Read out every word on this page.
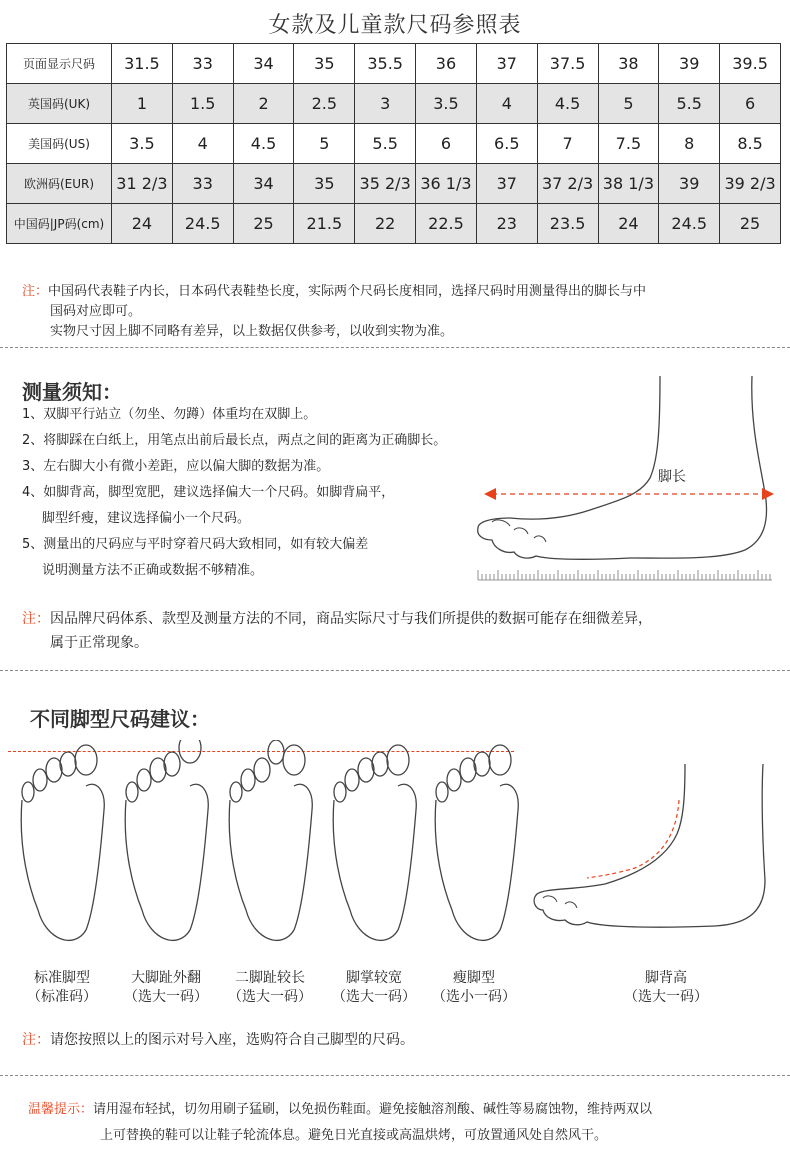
女款及儿童款尺码参照表
页面显示尺码	31.5	33	34	35	35.5	36	37	37.5	38	39	39.5
英国码(UK)	1	1.5	2	2.5	3	3.5	4	4.5	5	5.5	6
美国码(US)	3.5	4	4.5	5	5.5	6	6.5	7	7.5	8	8.5
欧洲码(EUR)	31 2/3	33	34	35	35 2/3	36 1/3	37	37 2/3	38 1/3	39	39 2/3
中国码|JP码(cm)	24	24.5	25	21.5	22	22.5	23	23.5	24	24.5	25
注：中国码代表鞋子内长，日本码代表鞋垫长度，实际两个尺码长度相同，选择尺码时用测量得出的脚长与中
国码对应即可。
实物尺寸因上脚不同略有差异，以上数据仅供参考，以收到实物为准。
测量须知：
1、双脚平行站立（勿坐、勿蹲）体重均在双脚上。
2、将脚踩在白纸上，用笔点出前后最长点，两点之间的距离为正确脚长。
3、左右脚大小有微小差距，应以偏大脚的数据为准。
4、如脚背高，脚型宽肥，建议选择偏大一个尺码。如脚背扁平，
脚型纤瘦，建议选择偏小一个尺码。
5、测量出的尺码应与平时穿着尺码大致相同，如有较大偏差
说明测量方法不正确或数据不够精准。
脚长
注：因品牌尺码体系、款型及测量方法的不同，商品实际尺寸与我们所提供的数据可能存在细微差异，
属于正常现象。
不同脚型尺码建议：
标准脚型
（标准码）
大脚趾外翻
（选大一码）
二脚趾较长
（选大一码）
脚掌较宽
（选大一码）
瘦脚型
（选小一码）
脚背高
（选大一码）
注：请您按照以上的图示对号入座，选购符合自己脚型的尺码。
温馨提示：请用湿布轻拭，切勿用刷子猛刷，以免损伤鞋面。避免接触溶剂酸、碱性等易腐蚀物，维持两双以
上可替换的鞋可以让鞋子轮流体息。避免日光直接或高温烘烤，可放置通风处自然风干。
